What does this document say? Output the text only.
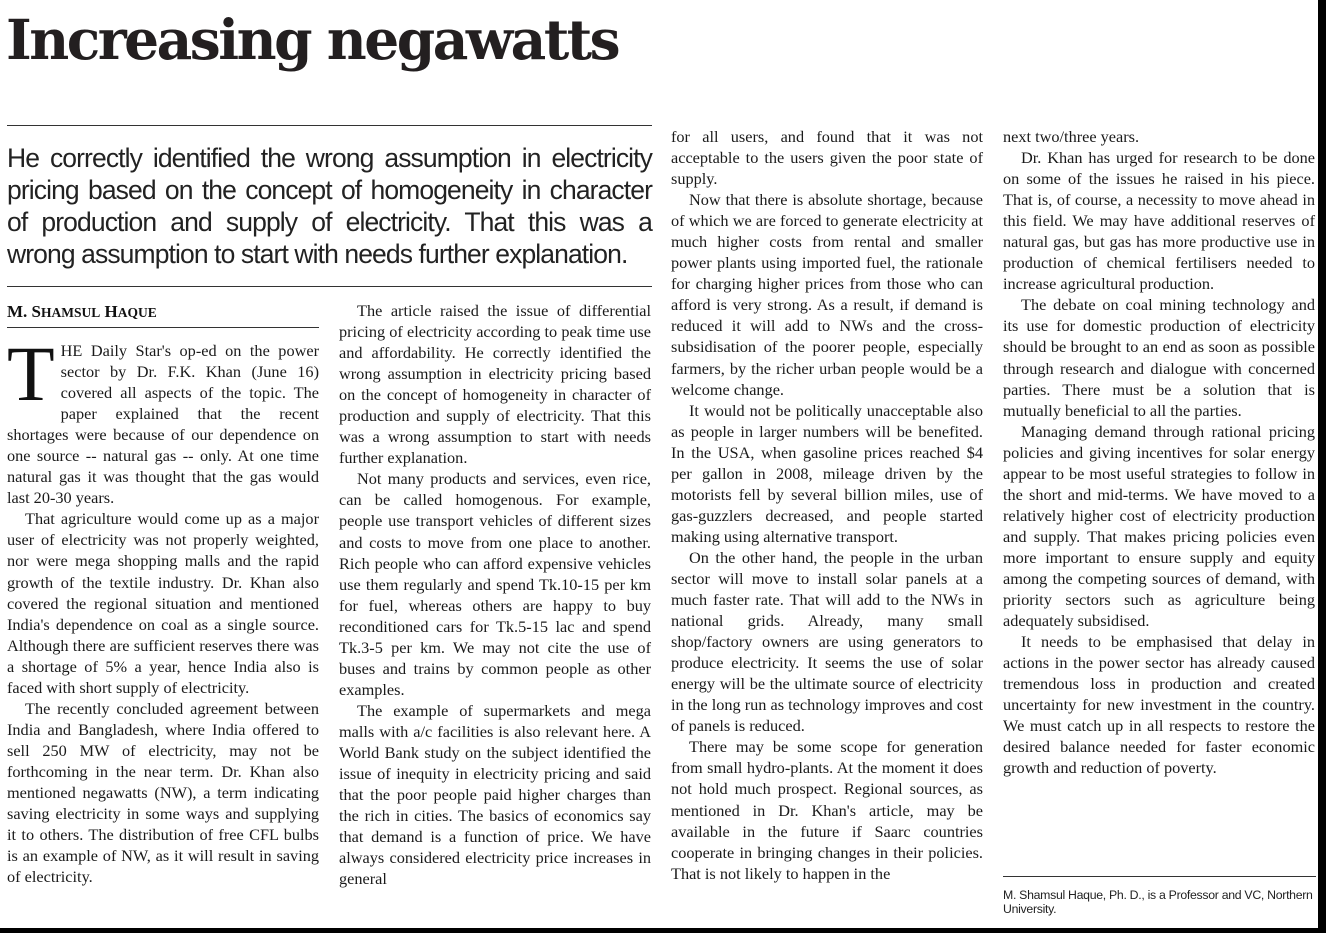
Increasing negawatts

He correctly identified the wrong assumption in electricity pricing based on the concept of homogeneity in character of production and supply of electricity. That this was a wrong assumption to start with needs further explanation.

M. SHAMSUL HAQUE

THE Daily Star's op-ed on the power sector by Dr. F.K. Khan (June 16) covered all aspects of the topic. The paper explained that the recent shortages were because of our dependence on one source -- natural gas -- only. At one time natural gas it was thought that the gas would last 20-30 years.

That agriculture would come up as a major user of electricity was not properly weighted, nor were mega shopping malls and the rapid growth of the textile industry. Dr. Khan also covered the regional situation and mentioned India's dependence on coal as a single source. Although there are sufficient reserves there was a shortage of 5% a year, hence India also is faced with short supply of electricity.

The recently concluded agreement between India and Bangladesh, where India offered to sell 250 MW of electricity, may not be forthcoming in the near term. Dr. Khan also mentioned negawatts (NW), a term indicating saving electricity in some ways and supplying it to others. The distribution of free CFL bulbs is an example of NW, as it will result in saving of electricity.

The article raised the issue of differential pricing of electricity according to peak time use and affordability. He correctly identified the wrong assumption in electricity pricing based on the concept of homogeneity in character of production and supply of electricity. That this was a wrong assumption to start with needs further explanation.

Not many products and services, even rice, can be called homogenous. For example, people use transport vehicles of different sizes and costs to move from one place to another. Rich people who can afford expensive vehicles use them regularly and spend Tk.10-15 per km for fuel, whereas others are happy to buy reconditioned cars for Tk.5-15 lac and spend Tk.3-5 per km. We may not cite the use of buses and trains by common people as other examples.

The example of supermarkets and mega malls with a/c facilities is also relevant here. A World Bank study on the subject identified the issue of inequity in electricity pricing and said that the poor people paid higher charges than the rich in cities. The basics of economics say that demand is a function of price. We have always considered electricity price increases in general

for all users, and found that it was not acceptable to the users given the poor state of supply.

Now that there is absolute shortage, because of which we are forced to generate electricity at much higher costs from rental and smaller power plants using imported fuel, the rationale for charging higher prices from those who can afford is very strong. As a result, if demand is reduced it will add to NWs and the cross-subsidisation of the poorer people, especially farmers, by the richer urban people would be a welcome change.

It would not be politically unacceptable also as people in larger numbers will be benefited. In the USA, when gasoline prices reached $4 per gallon in 2008, mileage driven by the motorists fell by several billion miles, use of gas-guzzlers decreased, and people started making using alternative transport.

On the other hand, the people in the urban sector will move to install solar panels at a much faster rate. That will add to the NWs in national grids. Already, many small shop/factory owners are using generators to produce electricity. It seems the use of solar energy will be the ultimate source of electricity in the long run as technology improves and cost of panels is reduced.

There may be some scope for generation from small hydro-plants. At the moment it does not hold much prospect. Regional sources, as mentioned in Dr. Khan's article, may be available in the future if Saarc countries cooperate in bringing changes in their policies. That is not likely to happen in the

next two/three years.

Dr. Khan has urged for research to be done on some of the issues he raised in his piece. That is, of course, a necessity to move ahead in this field. We may have additional reserves of natural gas, but gas has more productive use in production of chemical fertilisers needed to increase agricultural production.

The debate on coal mining technology and its use for domestic production of electricity should be brought to an end as soon as possible through research and dialogue with concerned parties. There must be a solution that is mutually beneficial to all the parties.

Managing demand through rational pricing policies and giving incentives for solar energy appear to be most useful strategies to follow in the short and mid-terms. We have moved to a relatively higher cost of electricity production and supply. That makes pricing policies even more important to ensure supply and equity among the competing sources of demand, with priority sectors such as agriculture being adequately subsidised.

It needs to be emphasised that delay in actions in the power sector has already caused tremendous loss in production and created uncertainty for new investment in the country. We must catch up in all respects to restore the desired balance needed for faster economic growth and reduction of poverty.

M. Shamsul Haque, Ph. D., is a Professor and VC, Northern University.
